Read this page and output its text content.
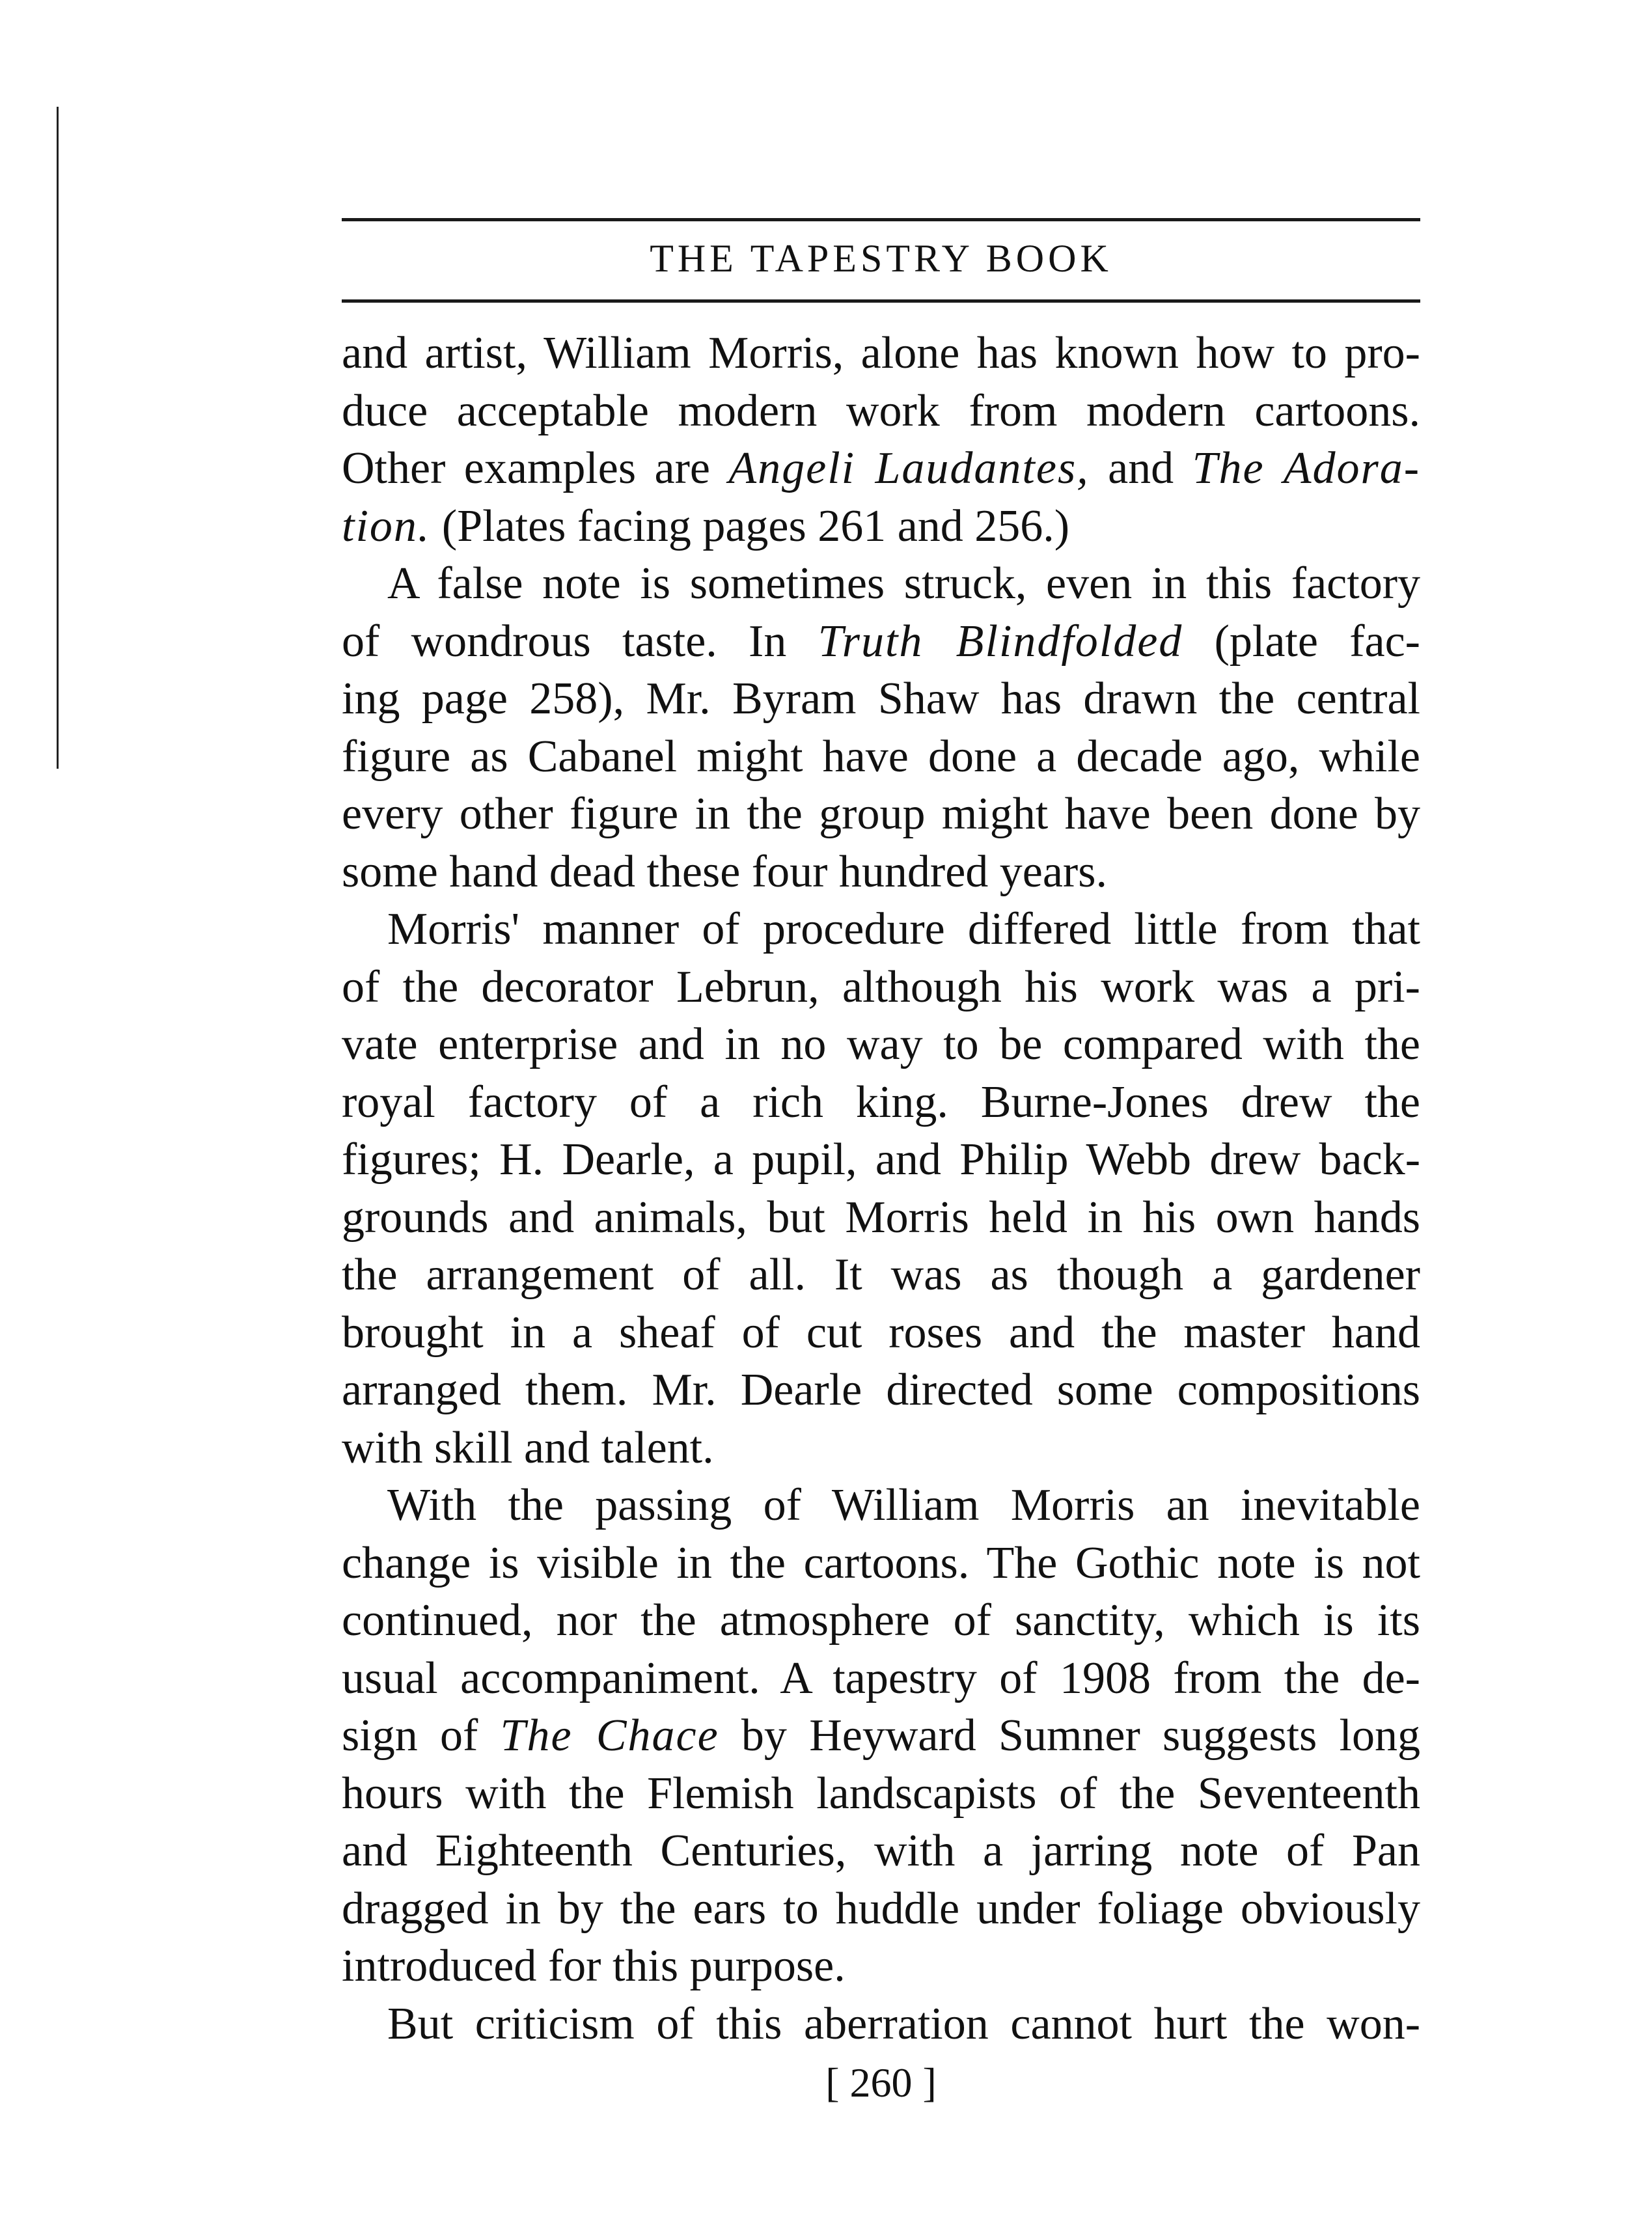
THE TAPESTRY BOOK
and artist, William Morris, alone has known how to pro-
duce acceptable modern work from modern cartoons.
Other examples are Angeli Laudantes, and The Adora-
tion. (Plates facing pages 261 and 256.)
A false note is sometimes struck, even in this factory
of wondrous taste. In Truth Blindfolded (plate fac-
ing page 258), Mr. Byram Shaw has drawn the central
figure as Cabanel might have done a decade ago, while
every other figure in the group might have been done by
some hand dead these four hundred years.
Morris' manner of procedure differed little from that
of the decorator Lebrun, although his work was a pri-
vate enterprise and in no way to be compared with the
royal factory of a rich king. Burne-Jones drew the
figures; H. Dearle, a pupil, and Philip Webb drew back-
grounds and animals, but Morris held in his own hands
the arrangement of all. It was as though a gardener
brought in a sheaf of cut roses and the master hand
arranged them. Mr. Dearle directed some compositions
with skill and talent.
With the passing of William Morris an inevitable
change is visible in the cartoons. The Gothic note is not
continued, nor the atmosphere of sanctity, which is its
usual accompaniment. A tapestry of 1908 from the de-
sign of The Chace by Heyward Sumner suggests long
hours with the Flemish landscapists of the Seventeenth
and Eighteenth Centuries, with a jarring note of Pan
dragged in by the ears to huddle under foliage obviously
introduced for this purpose.
But criticism of this aberration cannot hurt the won-
[ 260 ]
